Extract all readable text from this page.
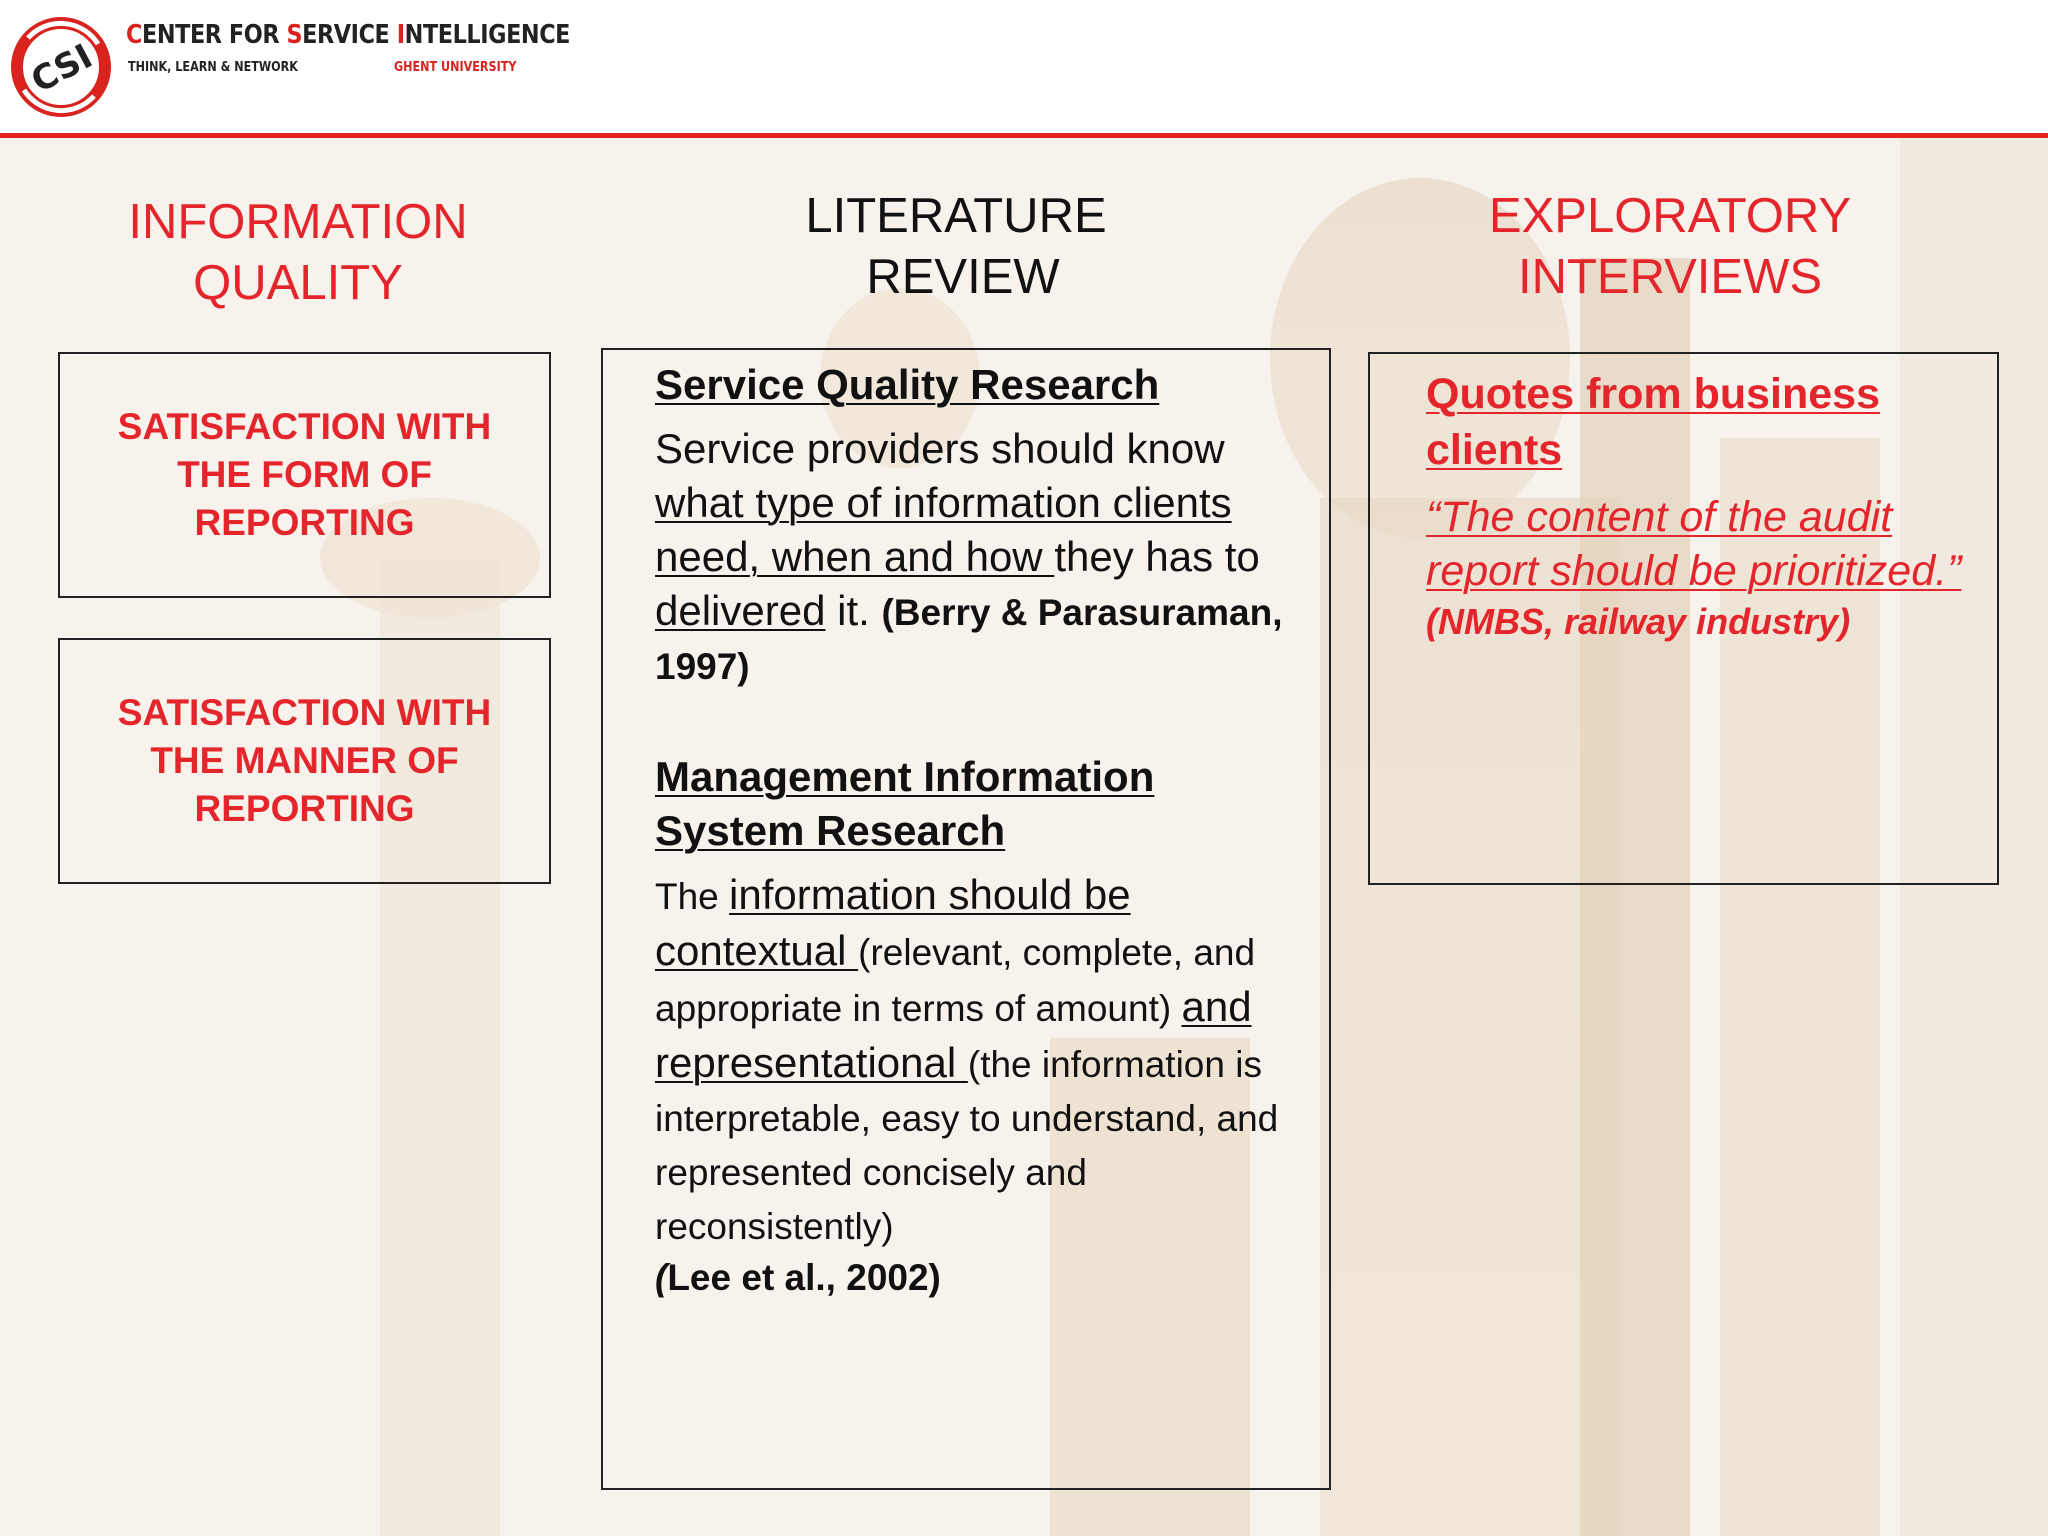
CSI
CENTER FOR SERVICE INTELLIGENCE
THINK, LEARN & NETWORK	GHENT UNIVERSITY
INFORMATION
QUALITY
LITERATURE
REVIEW
EXPLORATORY
INTERVIEWS
SATISFACTION WITH
THE FORM OF
REPORTING
SATISFACTION WITH
THE MANNER OF
REPORTING
Service Quality Research
Service providers should know what type of information clients need, when and how they has to delivered it. (Berry & Parasuraman, 1997)
Management Information System Research
The information should be contextual (relevant, complete, and appropriate in terms of amount) and representational (the information is interpretable, easy to understand, and represented concisely and reconsistently)
(Lee et al., 2002)
Quotes from business clients
“The content of the audit report should be prioritized.”
(NMBS, railway industry)
